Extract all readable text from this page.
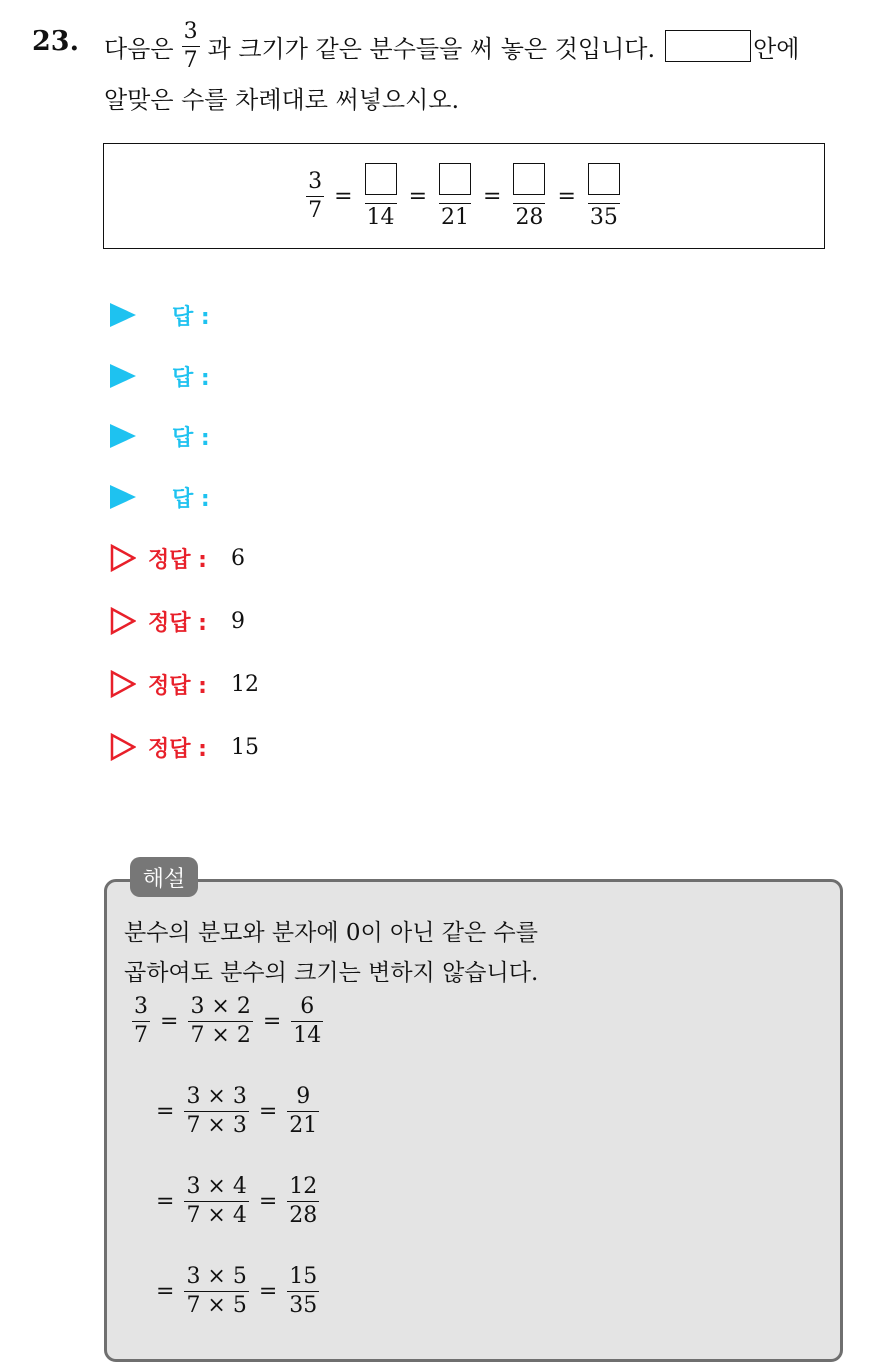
23. 다음은 $\frac{3}{7}$ 과 크기가 같은 분수들을 써 놓은 것입니다.	안에
알맞은 수를 차례대로 써넣으시오.
$\frac{3}{7}$ =
14
=
21
=
28
=
35
답 :
답 :
답 :
답 :
정답 : 6
정답 : 9
정답 : 12
정답 : 15
해설
분수의 분모와 분자에 0이 아닌 같은 수를
곱하여도 분수의 크기는 변하지 않습니다.
$\frac{3}{7} = \frac{3 \times 2}{7 \times 2} = \frac{6}{14}$
= $\frac{3 \times 3}{7 \times 3} = \frac{9}{21}$
= $\frac{3 \times 4}{7 \times 4} = \frac{12}{28}$
= $\frac{3 \times 5}{7 \times 5} = \frac{15}{35}$
